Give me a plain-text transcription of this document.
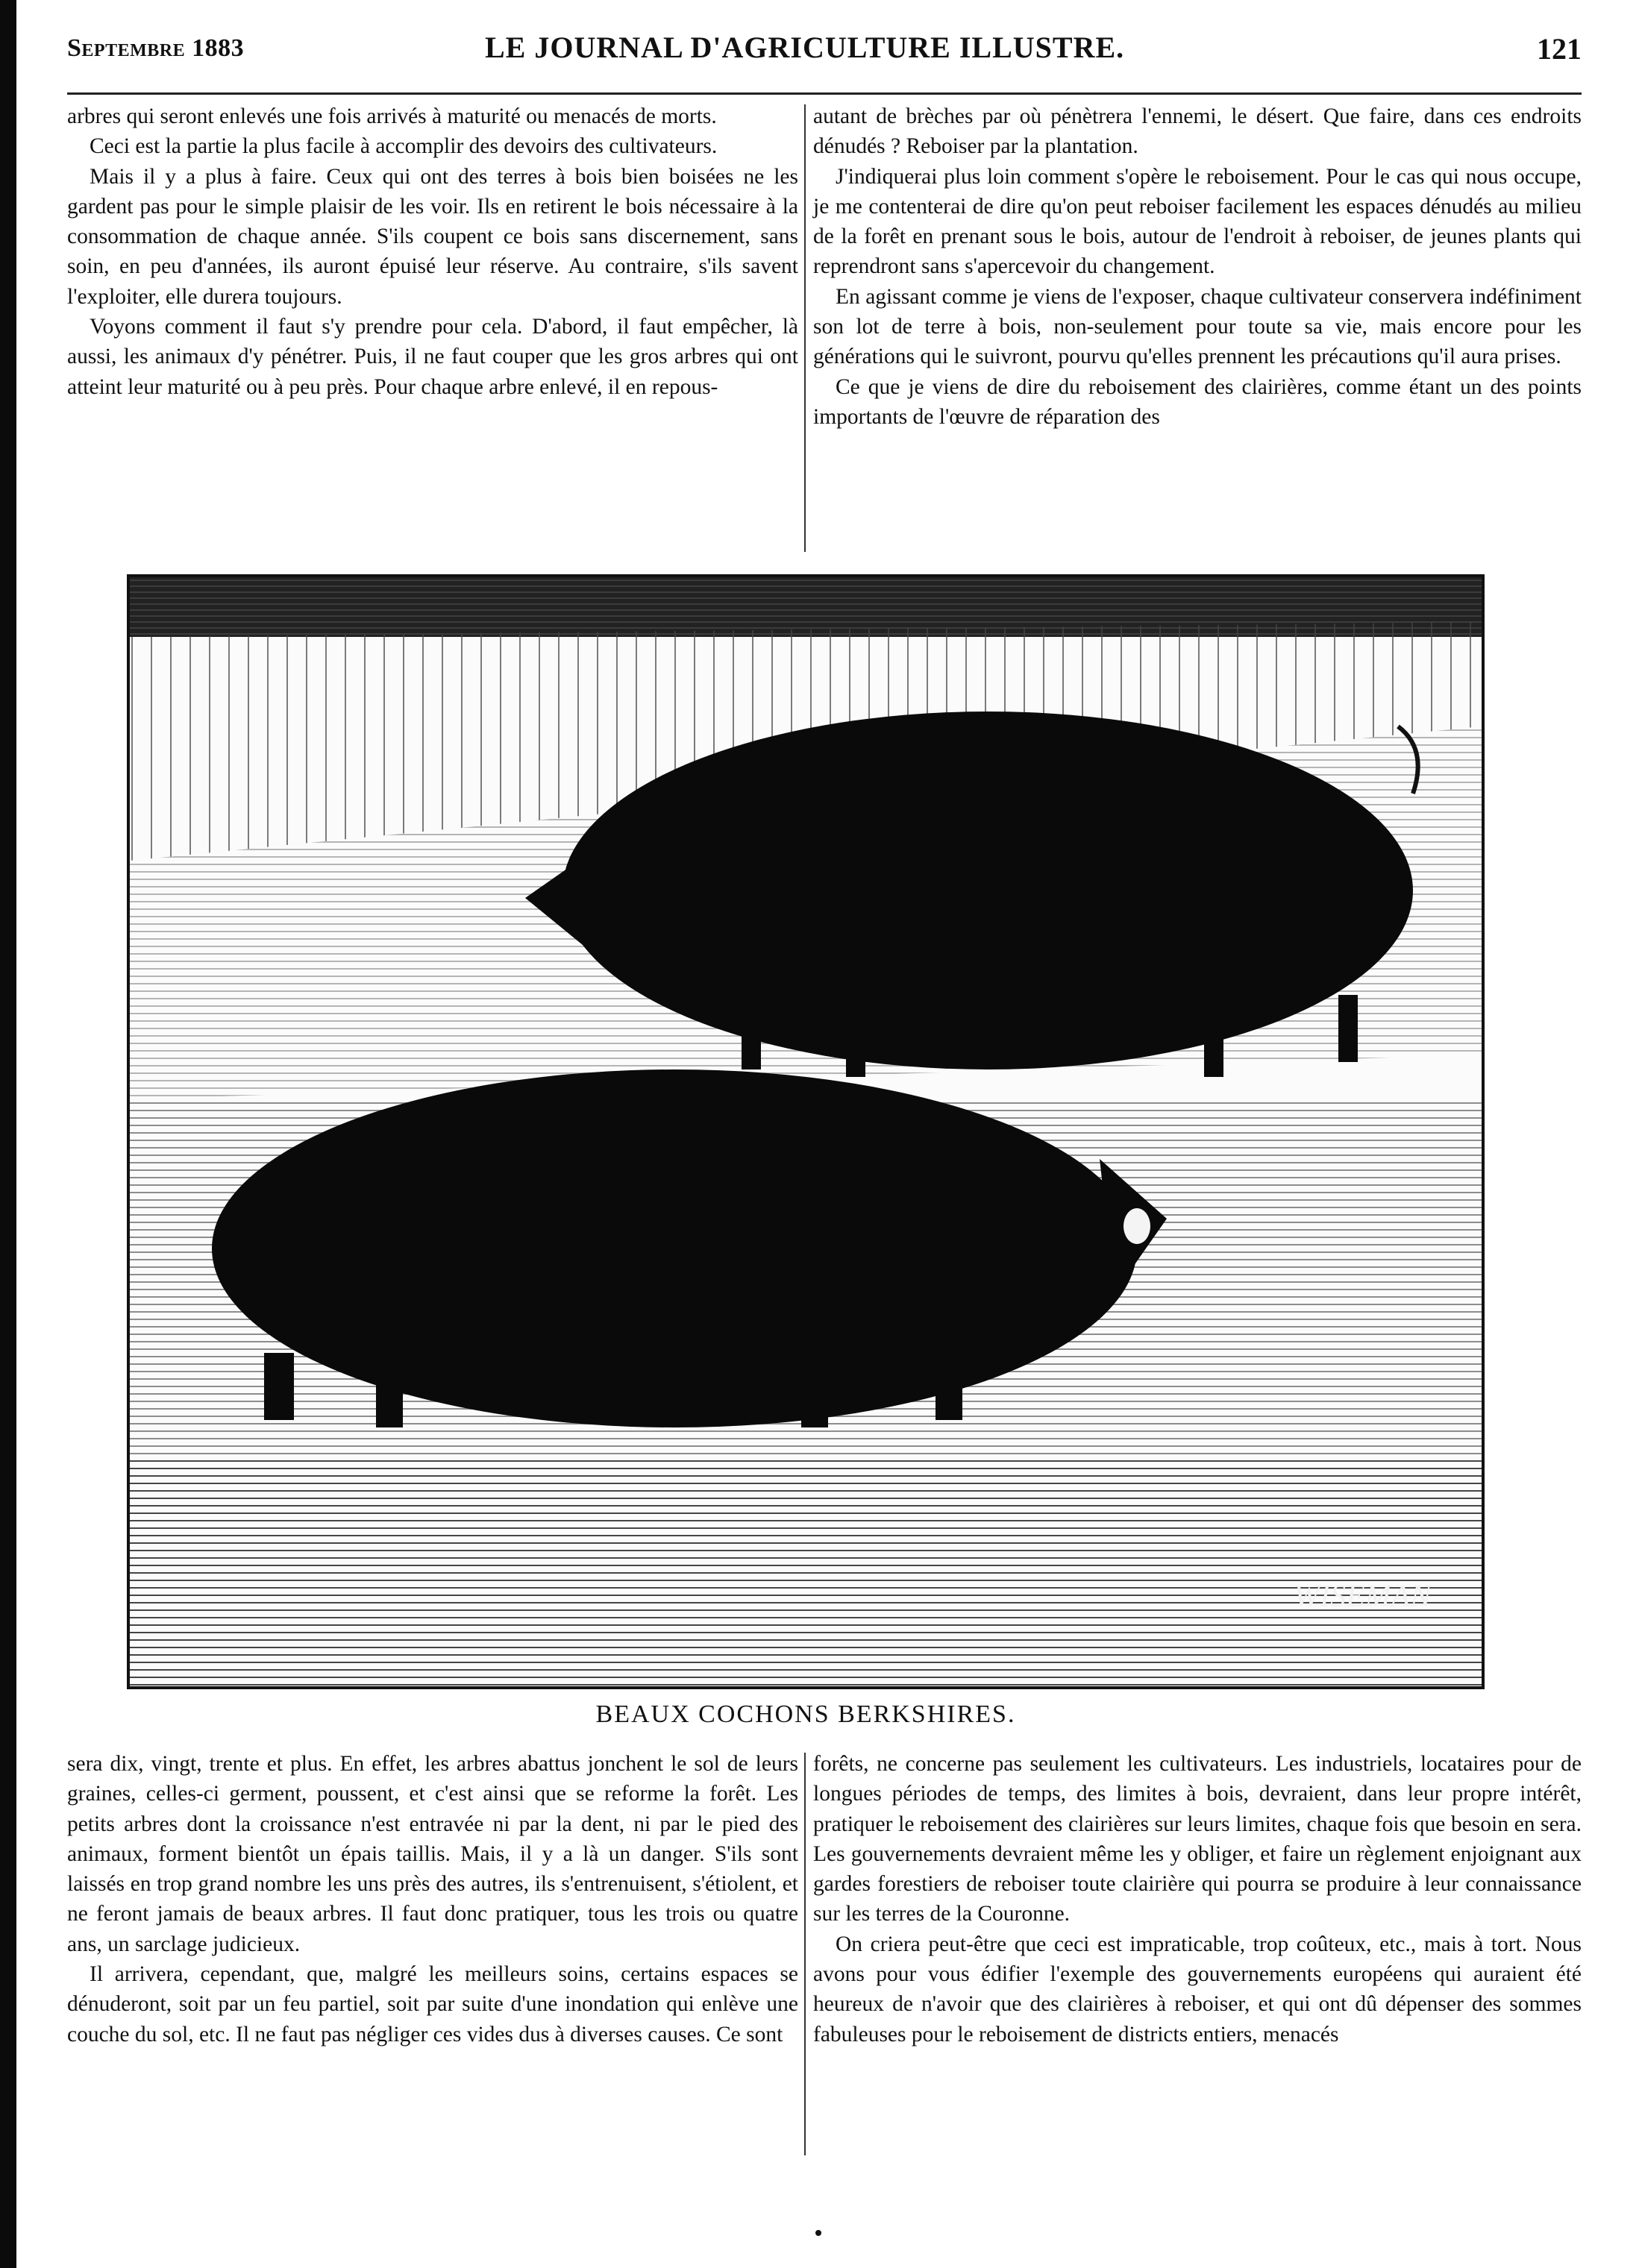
Septembre 1883	LE JOURNAL D'AGRICULTURE ILLUSTRE.	121

arbres qui seront enlevés une fois arrivés à maturité ou menacés de morts.

Ceci est la partie la plus facile à accomplir des devoirs des cultivateurs.

Mais il y a plus à faire. Ceux qui ont des terres à bois bien boisées ne les gardent pas pour le simple plaisir de les voir. Ils en retirent le bois nécessaire à la consommation de chaque année. S'ils coupent ce bois sans discernement, sans soin, en peu d'années, ils auront épuisé leur réserve. Au contraire, s'ils savent l'exploiter, elle durera toujours.

Voyons comment il faut s'y prendre pour cela. D'abord, il faut empêcher, là aussi, les animaux d'y pénétrer. Puis, il ne faut couper que les gros arbres qui ont atteint leur maturité ou à peu près. Pour chaque arbre enlevé, il en repous-

autant de brèches par où pénètrera l'ennemi, le désert. Que faire, dans ces endroits dénudés ? Reboiser par la plantation.

J'indiquerai plus loin comment s'opère le reboisement. Pour le cas qui nous occupe, je me contenterai de dire qu'on peut reboiser facilement les espaces dénudés au milieu de la forêt en prenant sous le bois, autour de l'endroit à reboiser, de jeunes plants qui reprendront sans s'apercevoir du changement.

En agissant comme je viens de l'exposer, chaque cultivateur conservera indéfiniment son lot de terre à bois, non-seulement pour toute sa vie, mais encore pour les générations qui le suivront, pourvu qu'elles prennent les précautions qu'il aura prises.

Ce que je viens de dire du reboisement des clairières, comme étant un des points importants de l'œuvre de réparation des

WISEMAN
BEAUX COCHONS BERKSHIRES.

sera dix, vingt, trente et plus. En effet, les arbres abattus jonchent le sol de leurs graines, celles-ci germent, poussent, et c'est ainsi que se reforme la forêt. Les petits arbres dont la croissance n'est entravée ni par la dent, ni par le pied des animaux, forment bientôt un épais taillis. Mais, il y a là un danger. S'ils sont laissés en trop grand nombre les uns près des autres, ils s'entrenuisent, s'étiolent, et ne feront jamais de beaux arbres. Il faut donc pratiquer, tous les trois ou quatre ans, un sarclage judicieux.

Il arrivera, cependant, que, malgré les meilleurs soins, certains espaces se dénuderont, soit par un feu partiel, soit par suite d'une inondation qui enlève une couche du sol, etc. Il ne faut pas négliger ces vides dus à diverses causes. Ce sont

forêts, ne concerne pas seulement les cultivateurs. Les industriels, locataires pour de longues périodes de temps, des limites à bois, devraient, dans leur propre intérêt, pratiquer le reboisement des clairières sur leurs limites, chaque fois que besoin en sera. Les gouvernements devraient même les y obliger, et faire un règlement enjoignant aux gardes forestiers de reboiser toute clairière qui pourra se produire à leur connaissance sur les terres de la Couronne.

On criera peut-être que ceci est impraticable, trop coûteux, etc., mais à tort. Nous avons pour vous édifier l'exemple des gouvernements européens qui auraient été heureux de n'avoir que des clairières à reboiser, et qui ont dû dépenser des sommes fabuleuses pour le reboisement de districts entiers, menacés
